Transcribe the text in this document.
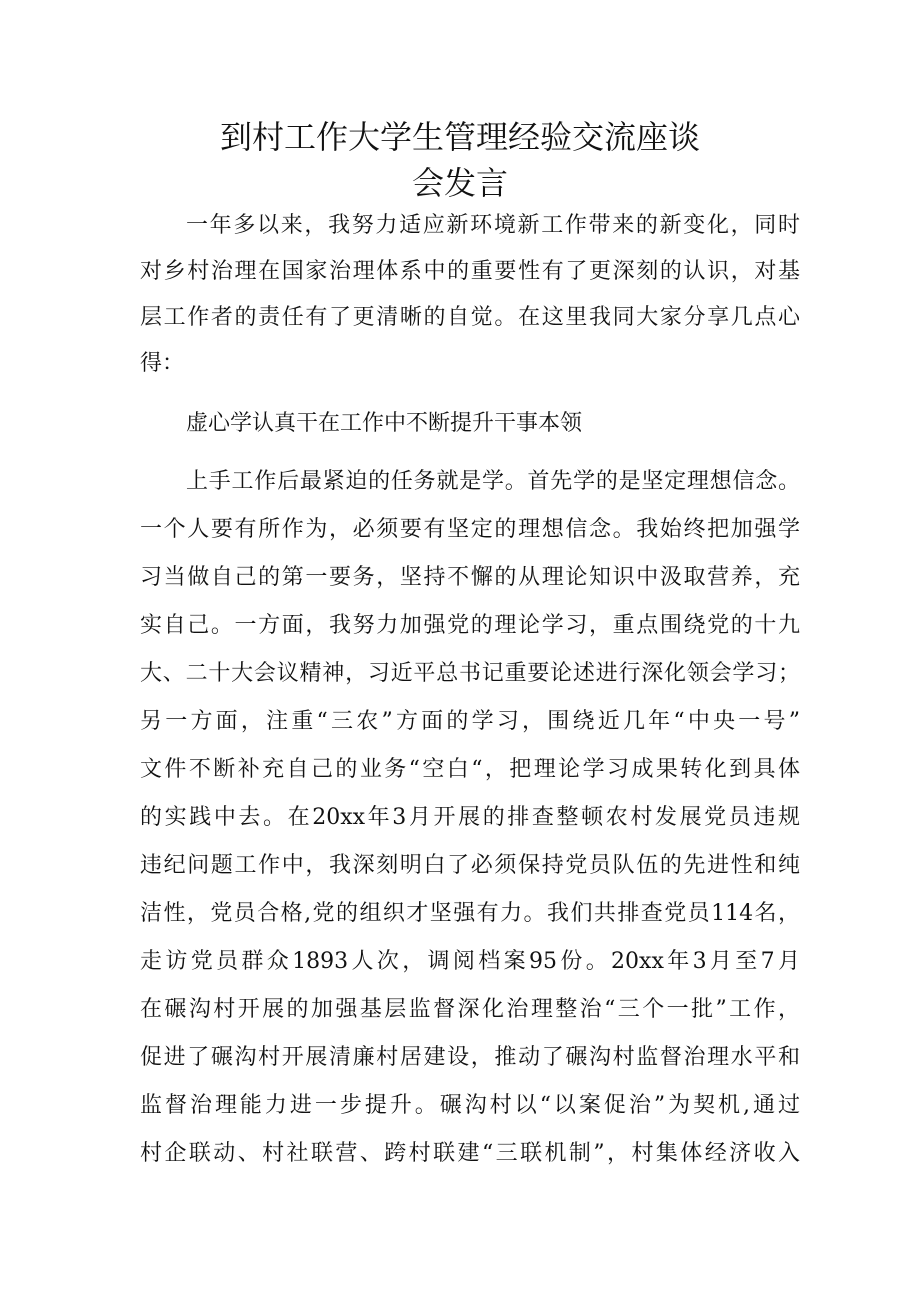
到村工作大学生管理经验交流座谈
会发言
一年多以来，我努力适应新环境新工作带来的新变化，同时
对乡村治理在国家治理体系中的重要性有了更深刻的认识，对基
层工作者的责任有了更清晰的自觉。在这里我同大家分享几点心
得：
虚心学认真干在工作中不断提升干事本领
上手工作后最紧迫的任务就是学。首先学的是坚定理想信念。
一个人要有所作为，必须要有坚定的理想信念。我始终把加强学
习当做自己的第一要务，坚持不懈的从理论知识中汲取营养，充
实自己。一方面，我努力加强党的理论学习，重点围绕党的十九
大、二十大会议精神，习近平总书记重要论述进行深化领会学习；
另一方面，注重“三农”方面的学习，围绕近几年“中央一号”
文件不断补充自己的业务“空白“，把理论学习成果转化到具体
的实践中去。在20xx年3月开展的排查整顿农村发展党员违规
违纪问题工作中，我深刻明白了必须保持党员队伍的先进性和纯
洁性，党员合格,党的组织才坚强有力。我们共排查党员114名，
走访党员群众1893人次，调阅档案95份。20xx年3月至7月
在碾沟村开展的加强基层监督深化治理整治“三个一批”工作，
促进了碾沟村开展清廉村居建设，推动了碾沟村监督治理水平和
监督治理能力进一步提升。碾沟村以“以案促治”为契机,通过
村企联动、村社联营、跨村联建“三联机制”，村集体经济收入
